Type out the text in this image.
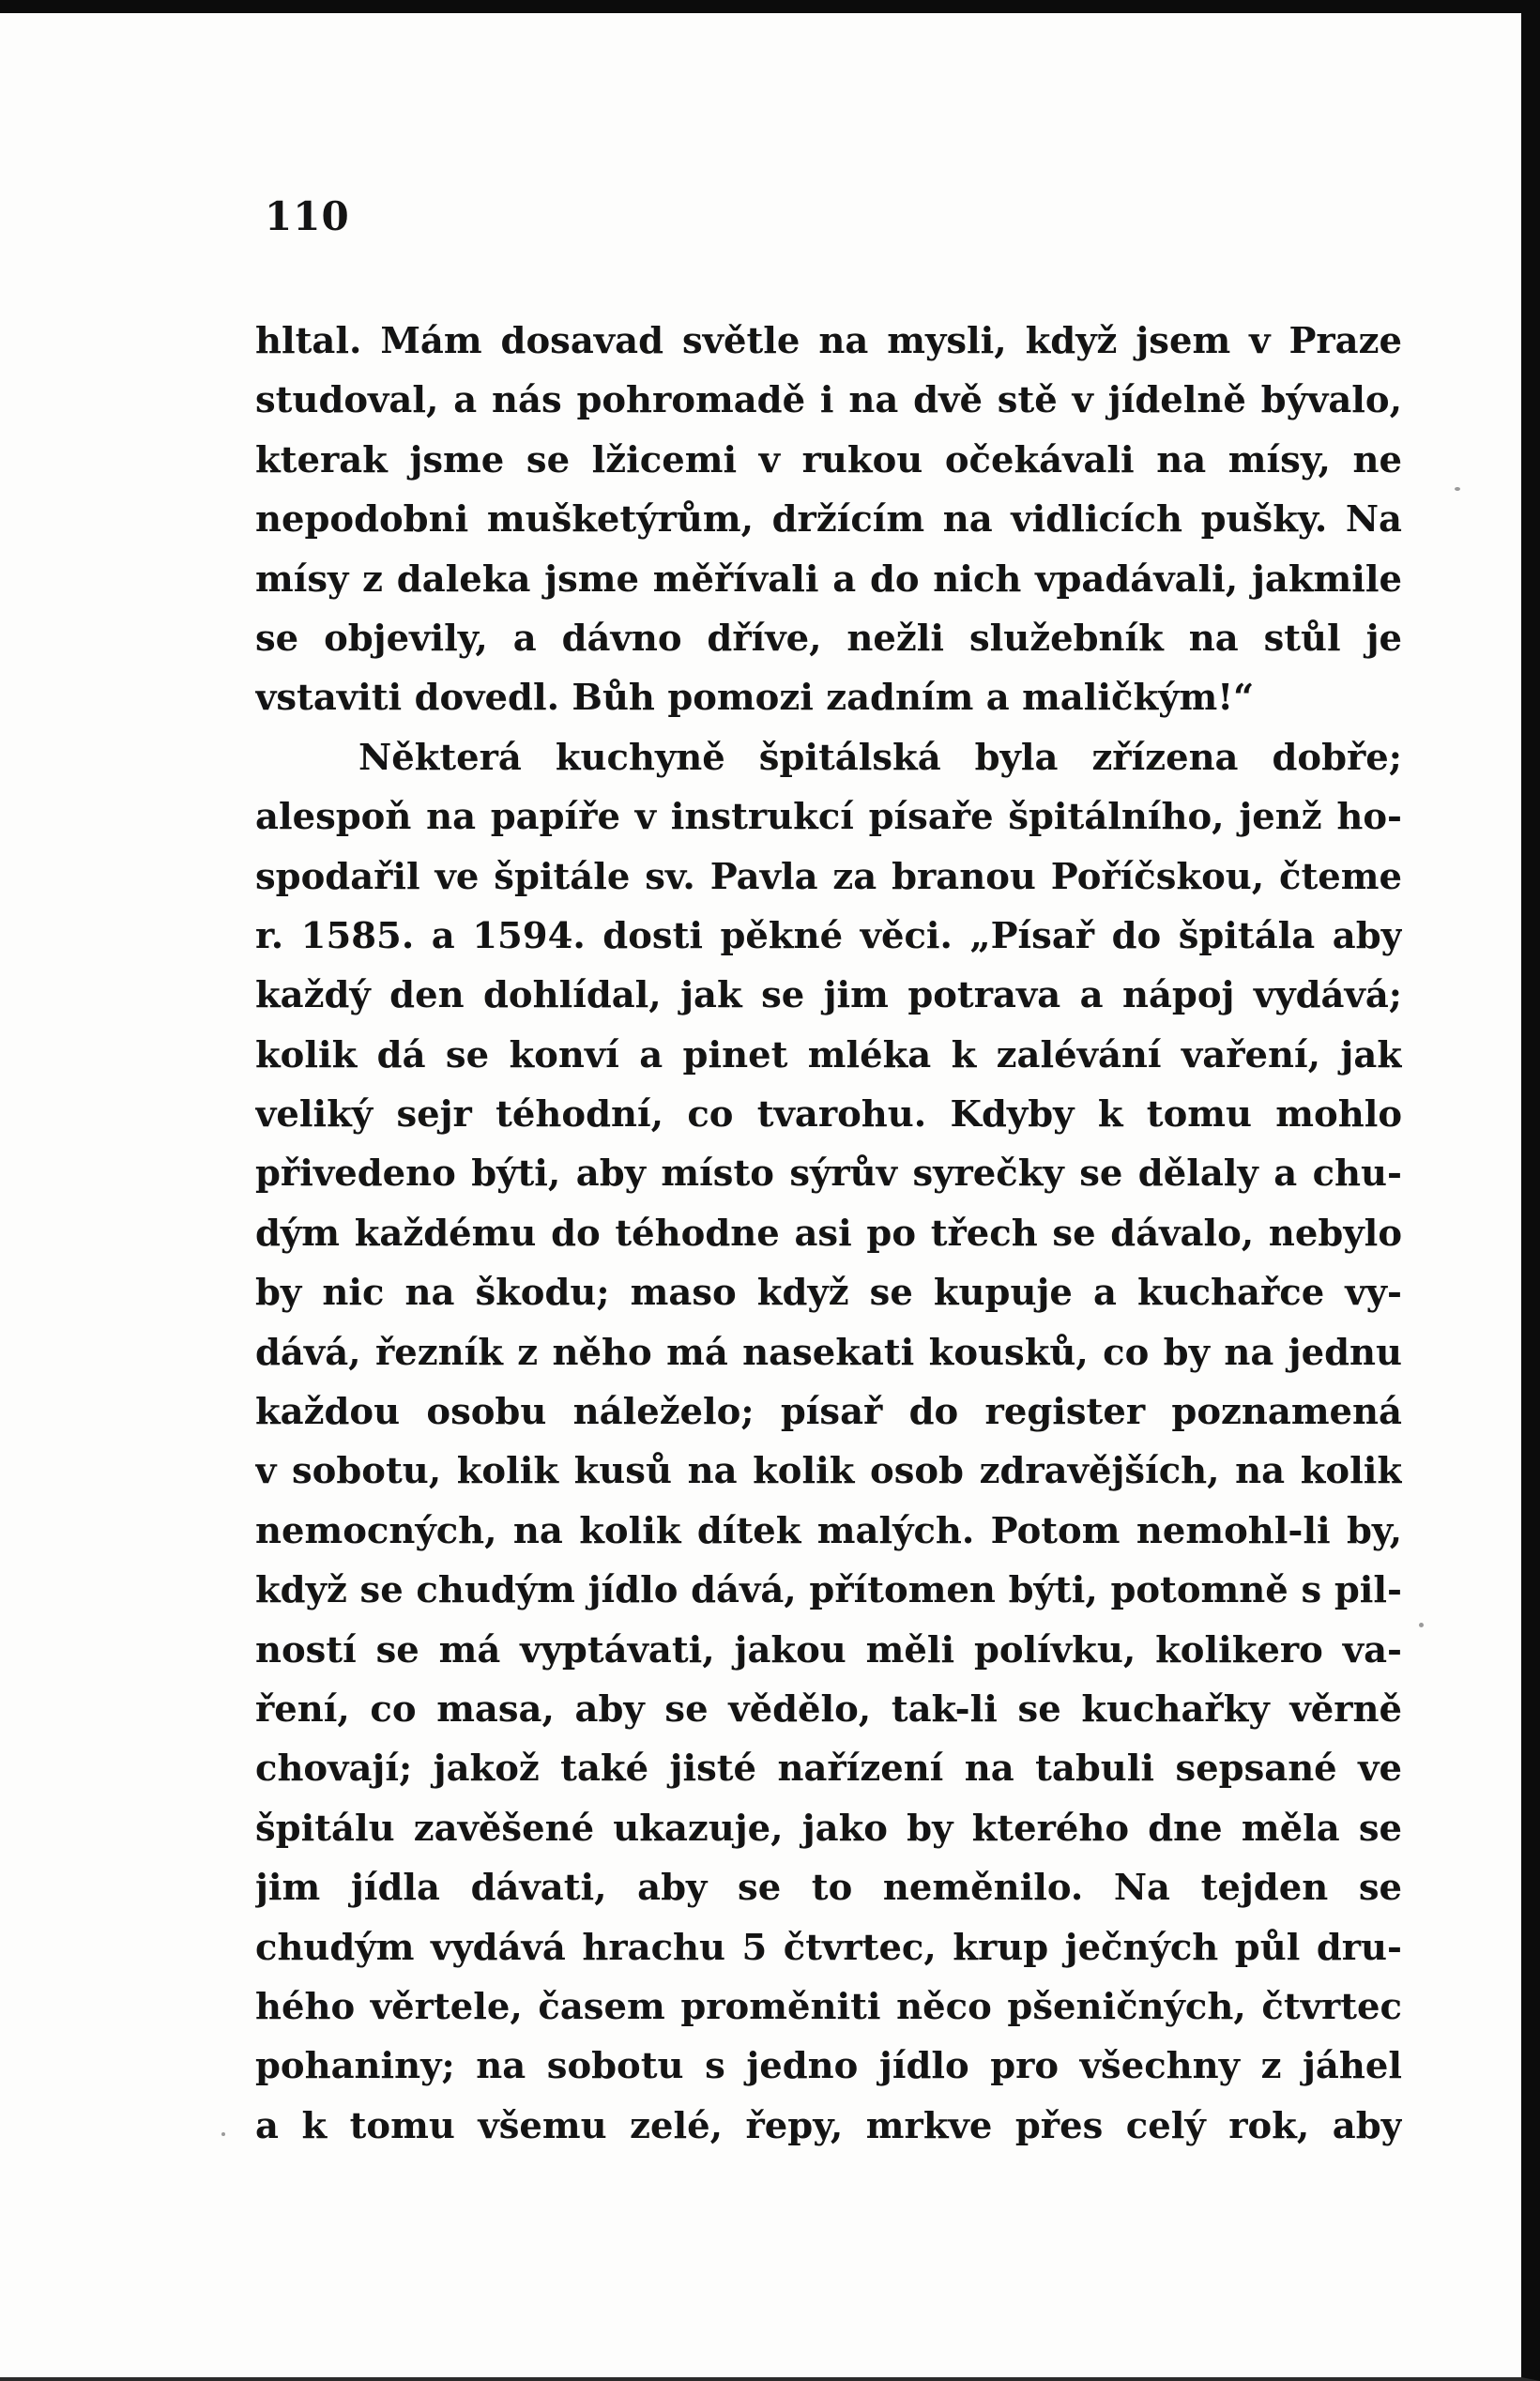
110
hltal. Mám dosavad světle na mysli, když jsem v Praze
studoval, a nás pohromadě i na dvě stě v jídelně bývalo,
kterak jsme se lžicemi v rukou očekávali na mísy, ne
nepodobni mušketýrům, držícím na vidlicích pušky. Na
mísy z daleka jsme měřívali a do nich vpadávali, jakmile
se objevily, a dávno dříve, nežli služebník na stůl je
vstaviti dovedl. Bůh pomozi zadním a maličkým!“
Některá kuchyně špitálská byla zřízena dobře;
alespoň na papíře v instrukcí písaře špitálního, jenž ho-
spodařil ve špitále sv. Pavla za branou Poříčskou, čteme
r. 1585. a 1594. dosti pěkné věci. „Písař do špitála aby
každý den dohlídal, jak se jim potrava a nápoj vydává;
kolik dá se konví a pinet mléka k zalévání vaření, jak
veliký sejr téhodní, co tvarohu. Kdyby k tomu mohlo
přivedeno býti, aby místo sýrův syrečky se dělaly a chu-
dým každému do téhodne asi po třech se dávalo, nebylo
by nic na škodu; maso když se kupuje a kuchařce vy-
dává, řezník z něho má nasekati kousků, co by na jednu
každou osobu náleželo; písař do register poznamená
v sobotu, kolik kusů na kolik osob zdravějších, na kolik
nemocných, na kolik dítek malých. Potom nemohl-li by,
když se chudým jídlo dává, přítomen býti, potomně s pil-
ností se má vyptávati, jakou měli polívku, kolikero va-
ření, co masa, aby se vědělo, tak-li se kuchařky věrně
chovají; jakož také jisté nařízení na tabuli sepsané ve
špitálu zavěšené ukazuje, jako by kterého dne měla se
jim jídla dávati, aby se to neměnilo. Na tejden se
chudým vydává hrachu 5 čtvrtec, krup ječných půl dru-
hého věrtele, časem proměniti něco pšeničných, čtvrtec
pohaniny; na sobotu s jedno jídlo pro všechny z jáhel
a k tomu všemu zelé, řepy, mrkve přes celý rok, aby
